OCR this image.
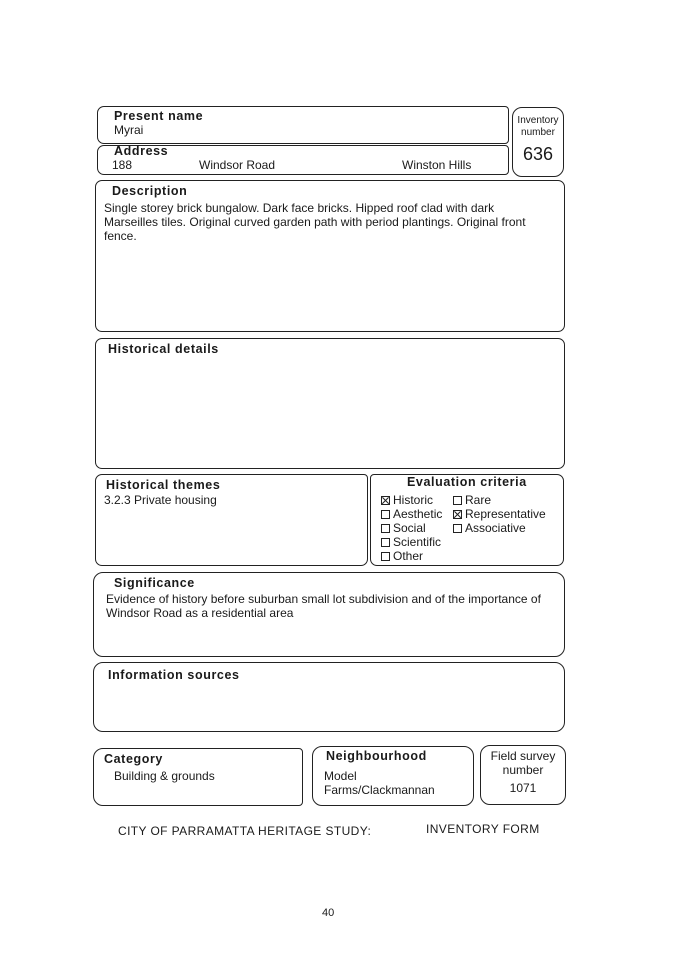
Present name
Myrai
Inventory
number
636
Address
188	Windsor Road	Winston Hills
Description
Single storey brick bungalow. Dark face bricks. Hipped roof clad with dark Marseilles tiles. Original curved garden path with period plantings. Original front fence.
Historical details
Historical themes
3.2.3 Private housing
Evaluation criteria
Historic	Rare
Aesthetic	Representative
Social	Associative
Scientific
Other
Significance
Evidence of history before suburban small lot subdivision and of the importance of Windsor Road as a residential area
Information sources
Category
Building & grounds
Neighbourhood
Model
Farms/Clackmannan
Field survey
number
1071
CITY OF PARRAMATTA HERITAGE STUDY:	INVENTORY FORM
40
